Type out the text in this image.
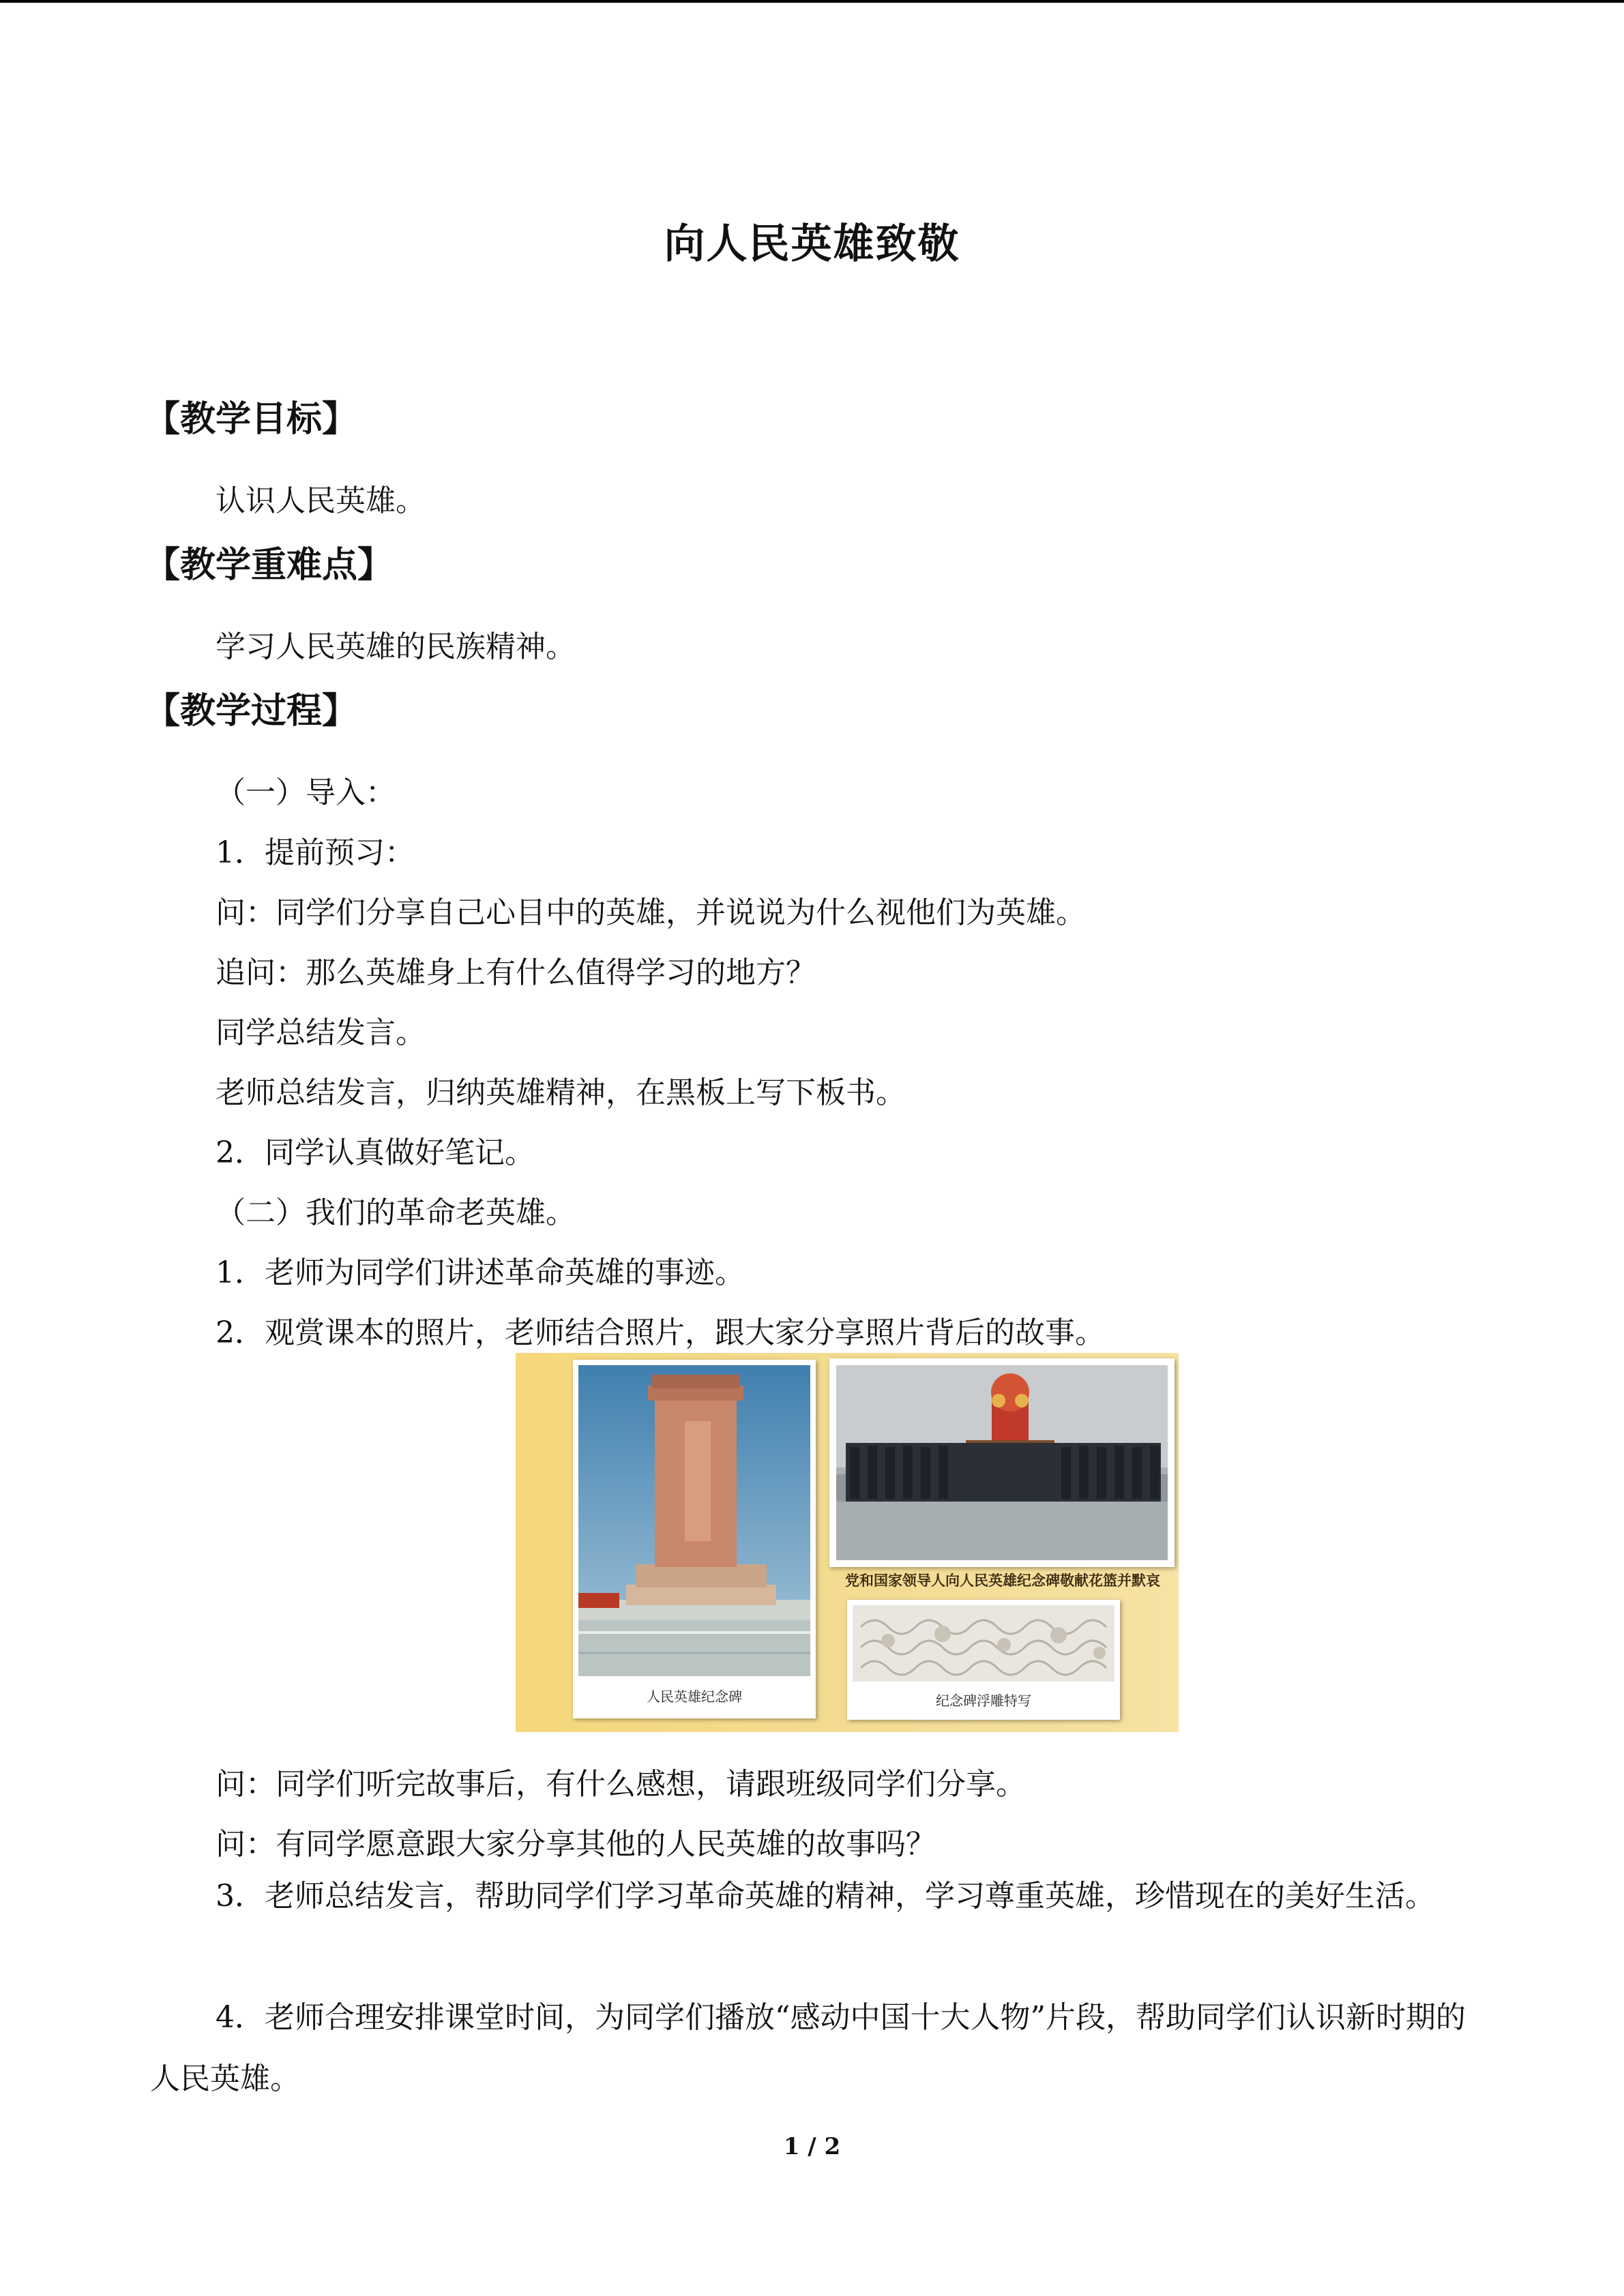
向人民英雄致敬
【教学目标】
认识人民英雄。
【教学重难点】
学习人民英雄的民族精神。
【教学过程】
（一）导入：
1．提前预习：
问：同学们分享自己心目中的英雄，并说说为什么视他们为英雄。
追问：那么英雄身上有什么值得学习的地方？
同学总结发言。
老师总结发言，归纳英雄精神，在黑板上写下板书。
2．同学认真做好笔记。
（二）我们的革命老英雄。
1．老师为同学们讲述革命英雄的事迹。
2．观赏课本的照片，老师结合照片，跟大家分享照片背后的故事。
人民英雄纪念碑
党和国家领导人向人民英雄纪念碑敬献花篮并默哀
纪念碑浮雕特写
问：同学们听完故事后，有什么感想，请跟班级同学们分享。
问：有同学愿意跟大家分享其他的人民英雄的故事吗？
3．老师总结发言，帮助同学们学习革命英雄的精神，学习尊重英雄，珍惜现在的美好生活。
4．老师合理安排课堂时间，为同学们播放“感动中国十大人物”片段，帮助同学们认识新时期的人民英雄。
1 / 2
